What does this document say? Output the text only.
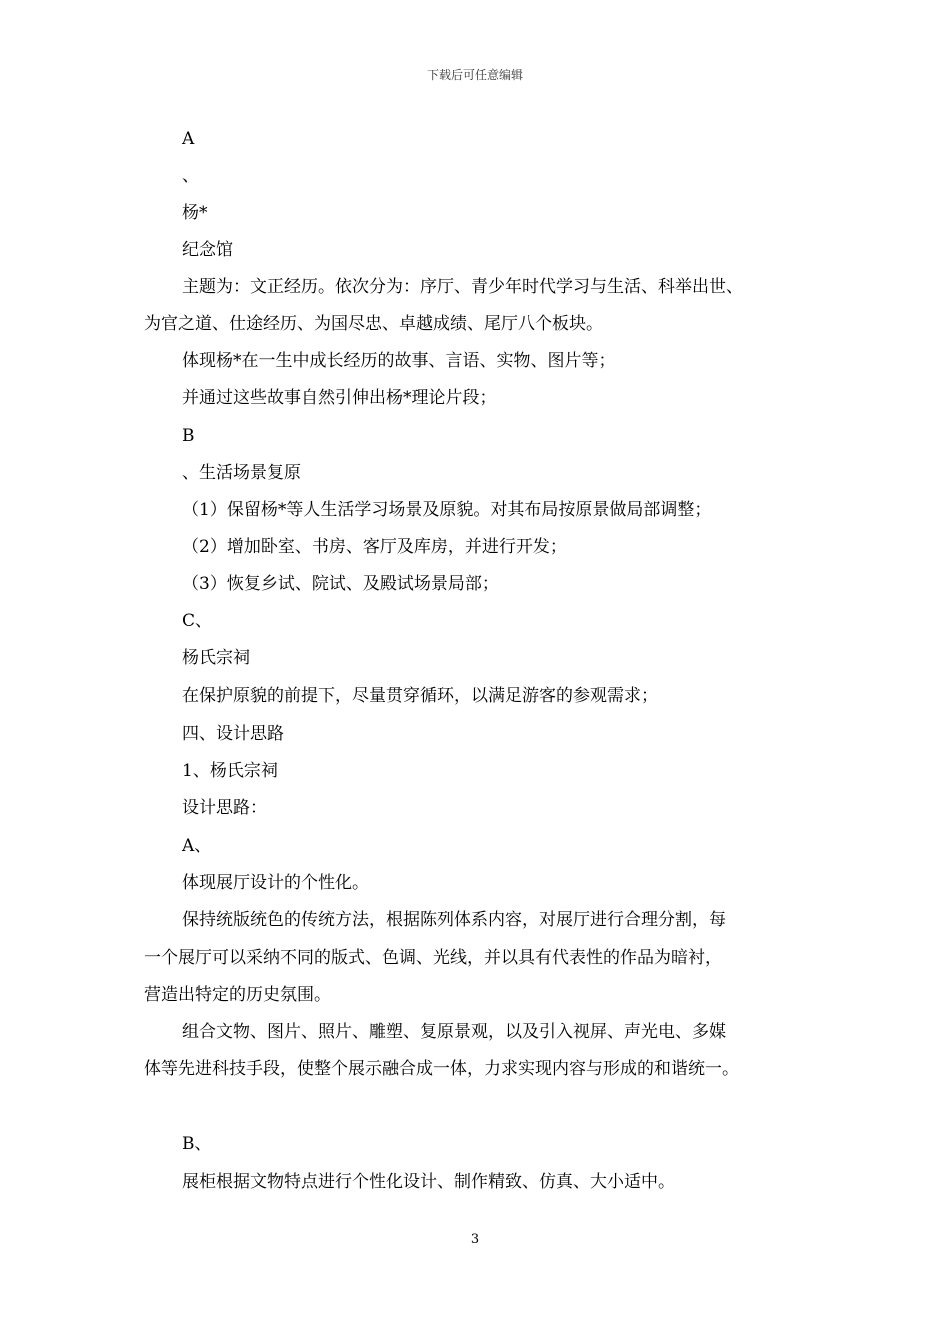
下载后可任意编辑
A
、
杨*
纪念馆
主题为：文正经历。依次分为：序厅、青少年时代学习与生活、科举出世、
为官之道、仕途经历、为国尽忠、卓越成绩、尾厅八个板块。
体现杨*在一生中成长经历的故事、言语、实物、图片等；
并通过这些故事自然引伸出杨*理论片段；
B
、生活场景复原
（1）保留杨*等人生活学习场景及原貌。对其布局按原景做局部调整；
（2）增加卧室、书房、客厅及库房，并进行开发；
（3）恢复乡试、院试、及殿试场景局部；
C、
杨氏宗祠
在保护原貌的前提下，尽量贯穿循环，以满足游客的参观需求；
四、设计思路
1、杨氏宗祠
设计思路：
A、
体现展厅设计的个性化。
保持统版统色的传统方法，根据陈列体系内容，对展厅进行合理分割，每
一个展厅可以采纳不同的版式、色调、光线，并以具有代表性的作品为暗衬，
营造出特定的历史氛围。
组合文物、图片、照片、雕塑、复原景观，以及引入视屏、声光电、多媒
体等先进科技手段，使整个展示融合成一体，力求实现内容与形成的和谐统一。
B、
展柜根据文物特点进行个性化设计、制作精致、仿真、大小适中。
3
